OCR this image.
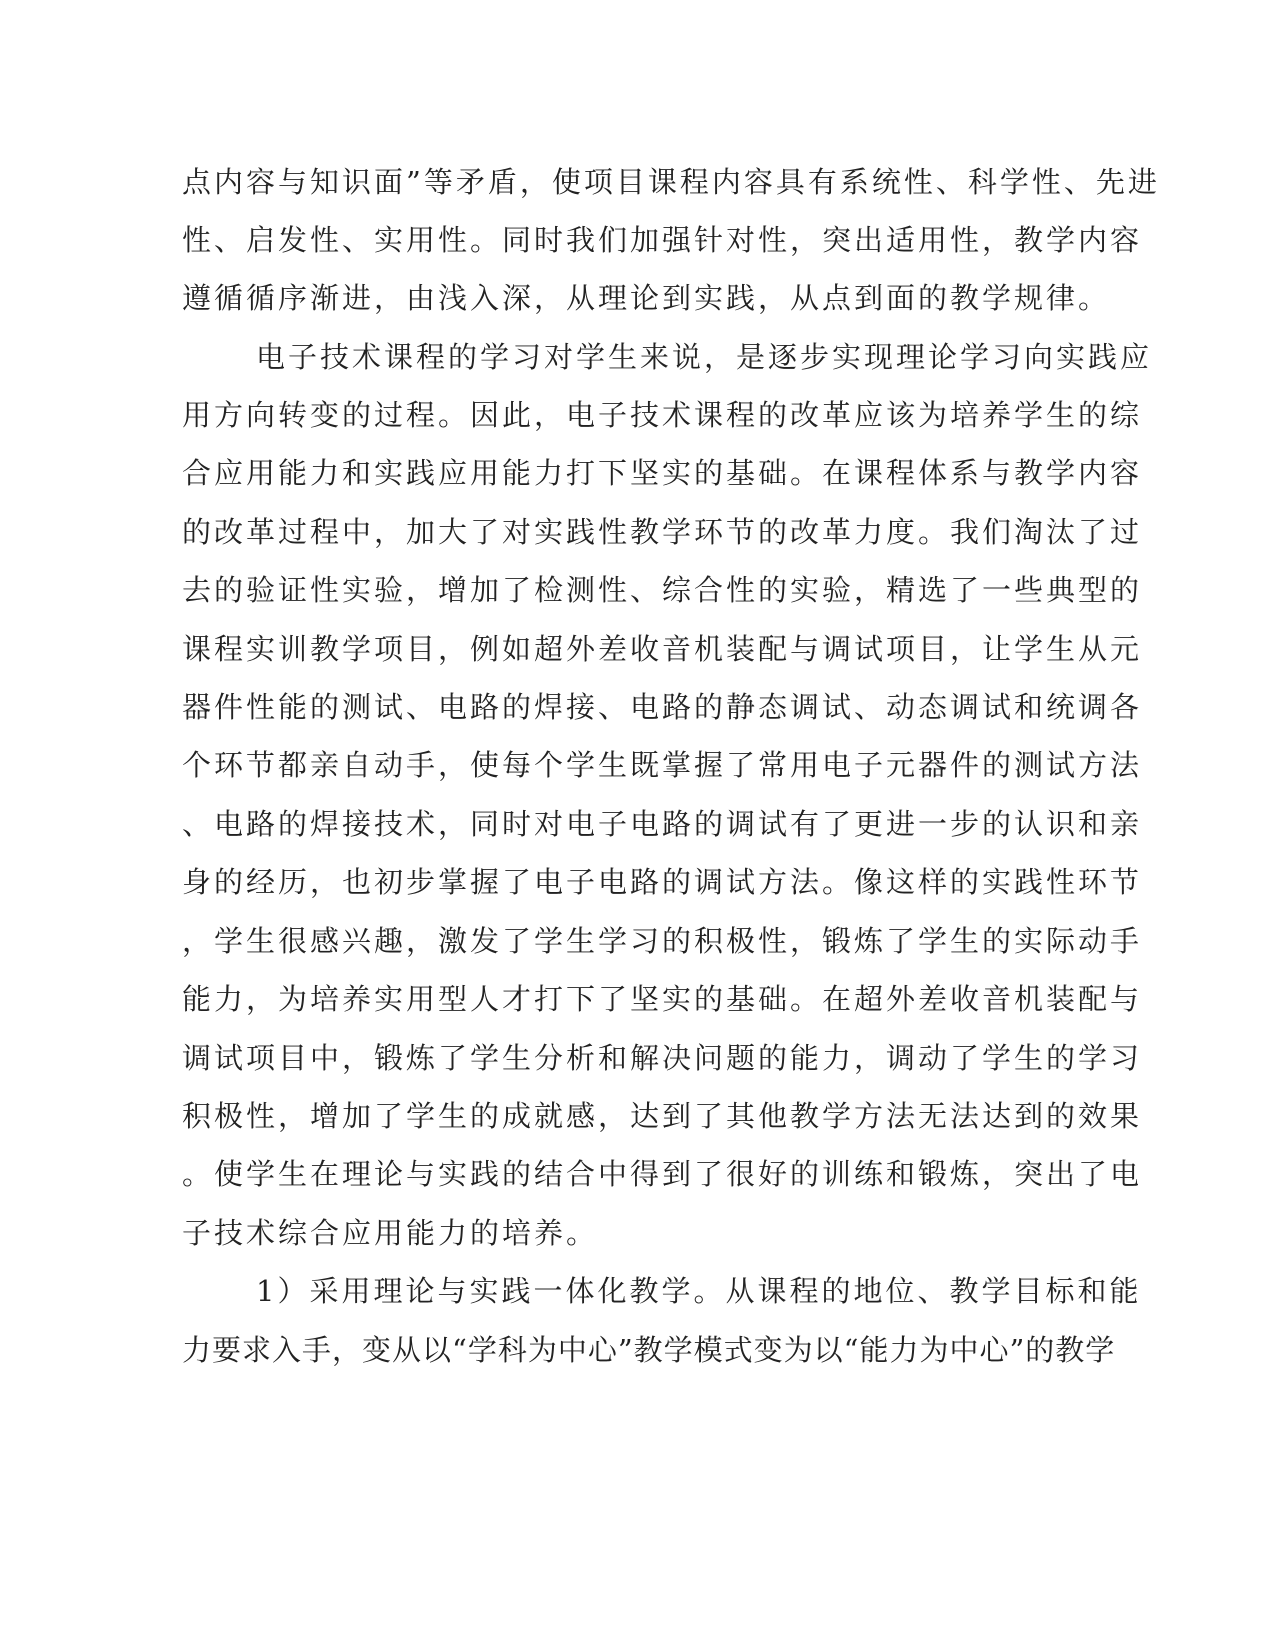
点内容与知识面”等矛盾，使项目课程内容具有系统性、科学性、先进
性、启发性、实用性。同时我们加强针对性，突出适用性，教学内容
遵循循序渐进，由浅入深，从理论到实践，从点到面的教学规律。
电子技术课程的学习对学生来说，是逐步实现理论学习向实践应
用方向转变的过程。因此，电子技术课程的改革应该为培养学生的综
合应用能力和实践应用能力打下坚实的基础。在课程体系与教学内容
的改革过程中，加大了对实践性教学环节的改革力度。我们淘汰了过
去的验证性实验，增加了检测性、综合性的实验，精选了一些典型的
课程实训教学项目，例如超外差收音机装配与调试项目，让学生从元
器件性能的测试、电路的焊接、电路的静态调试、动态调试和统调各
个环节都亲自动手，使每个学生既掌握了常用电子元器件的测试方法
、电路的焊接技术，同时对电子电路的调试有了更进一步的认识和亲
身的经历，也初步掌握了电子电路的调试方法。像这样的实践性环节
，学生很感兴趣，激发了学生学习的积极性，锻炼了学生的实际动手
能力，为培养实用型人才打下了坚实的基础。在超外差收音机装配与
调试项目中，锻炼了学生分析和解决问题的能力，调动了学生的学习
积极性，增加了学生的成就感，达到了其他教学方法无法达到的效果
。使学生在理论与实践的结合中得到了很好的训练和锻炼，突出了电
子技术综合应用能力的培养。
1）采用理论与实践一体化教学。从课程的地位、教学目标和能
力要求入手，变从以“学科为中心”教学模式变为以“能力为中心”的教学
